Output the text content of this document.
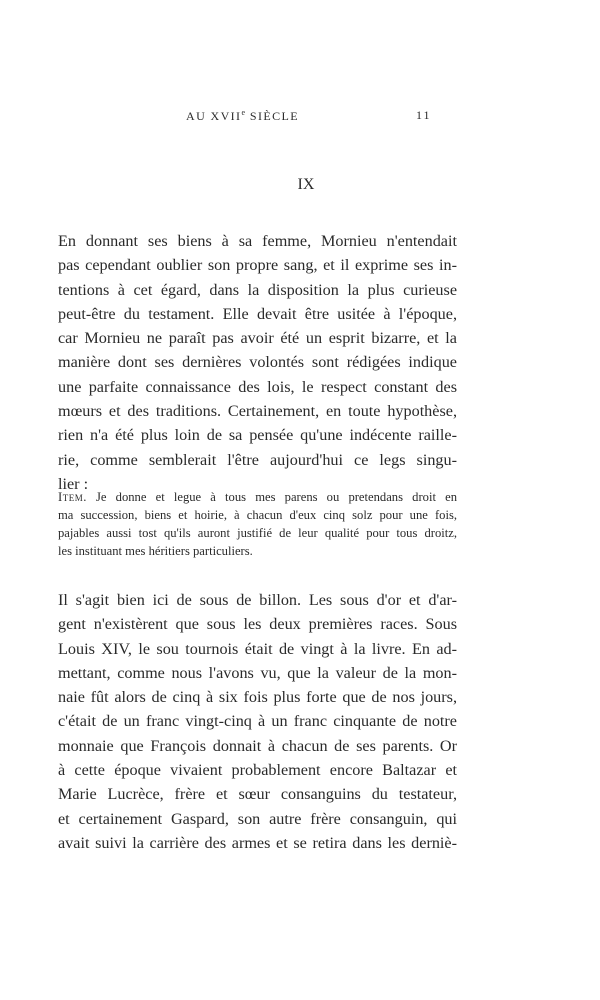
AU XVIIe SIÈCLE	11
IX

En donnant ses biens à sa femme, Mornieu n'entendait
pas cependant oublier son propre sang, et il exprime ses in-
tentions à cet égard, dans la disposition la plus curieuse
peut-être du testament. Elle devait être usitée à l'époque,
car Mornieu ne paraît pas avoir été un esprit bizarre, et la
manière dont ses dernières volontés sont rédigées indique
une parfaite connaissance des lois, le respect constant des
mœurs et des traditions. Certainement, en toute hypothèse,
rien n'a été plus loin de sa pensée qu'une indécente raille-
rie, comme semblerait l'être aujourd'hui ce legs singu-
lier :

Item. Je donne et legue à tous mes parens ou pretendans droit en
ma succession, biens et hoirie, à chacun d'eux cinq solz pour une fois,
pajables aussi tost qu'ils auront justifié de leur qualité pour tous droitz,
les instituant mes héritiers particuliers.

Il s'agit bien ici de sous de billon. Les sous d'or et d'ar-
gent n'existèrent que sous les deux premières races. Sous
Louis XIV, le sou tournois était de vingt à la livre. En ad-
mettant, comme nous l'avons vu, que la valeur de la mon-
naie fût alors de cinq à six fois plus forte que de nos jours,
c'était de un franc vingt-cinq à un franc cinquante de notre
monnaie que François donnait à chacun de ses parents. Or
à cette époque vivaient probablement encore Baltazar et
Marie Lucrèce, frère et sœur consanguins du testateur,
et certainement Gaspard, son autre frère consanguin, qui
avait suivi la carrière des armes et se retira dans les derniè-
